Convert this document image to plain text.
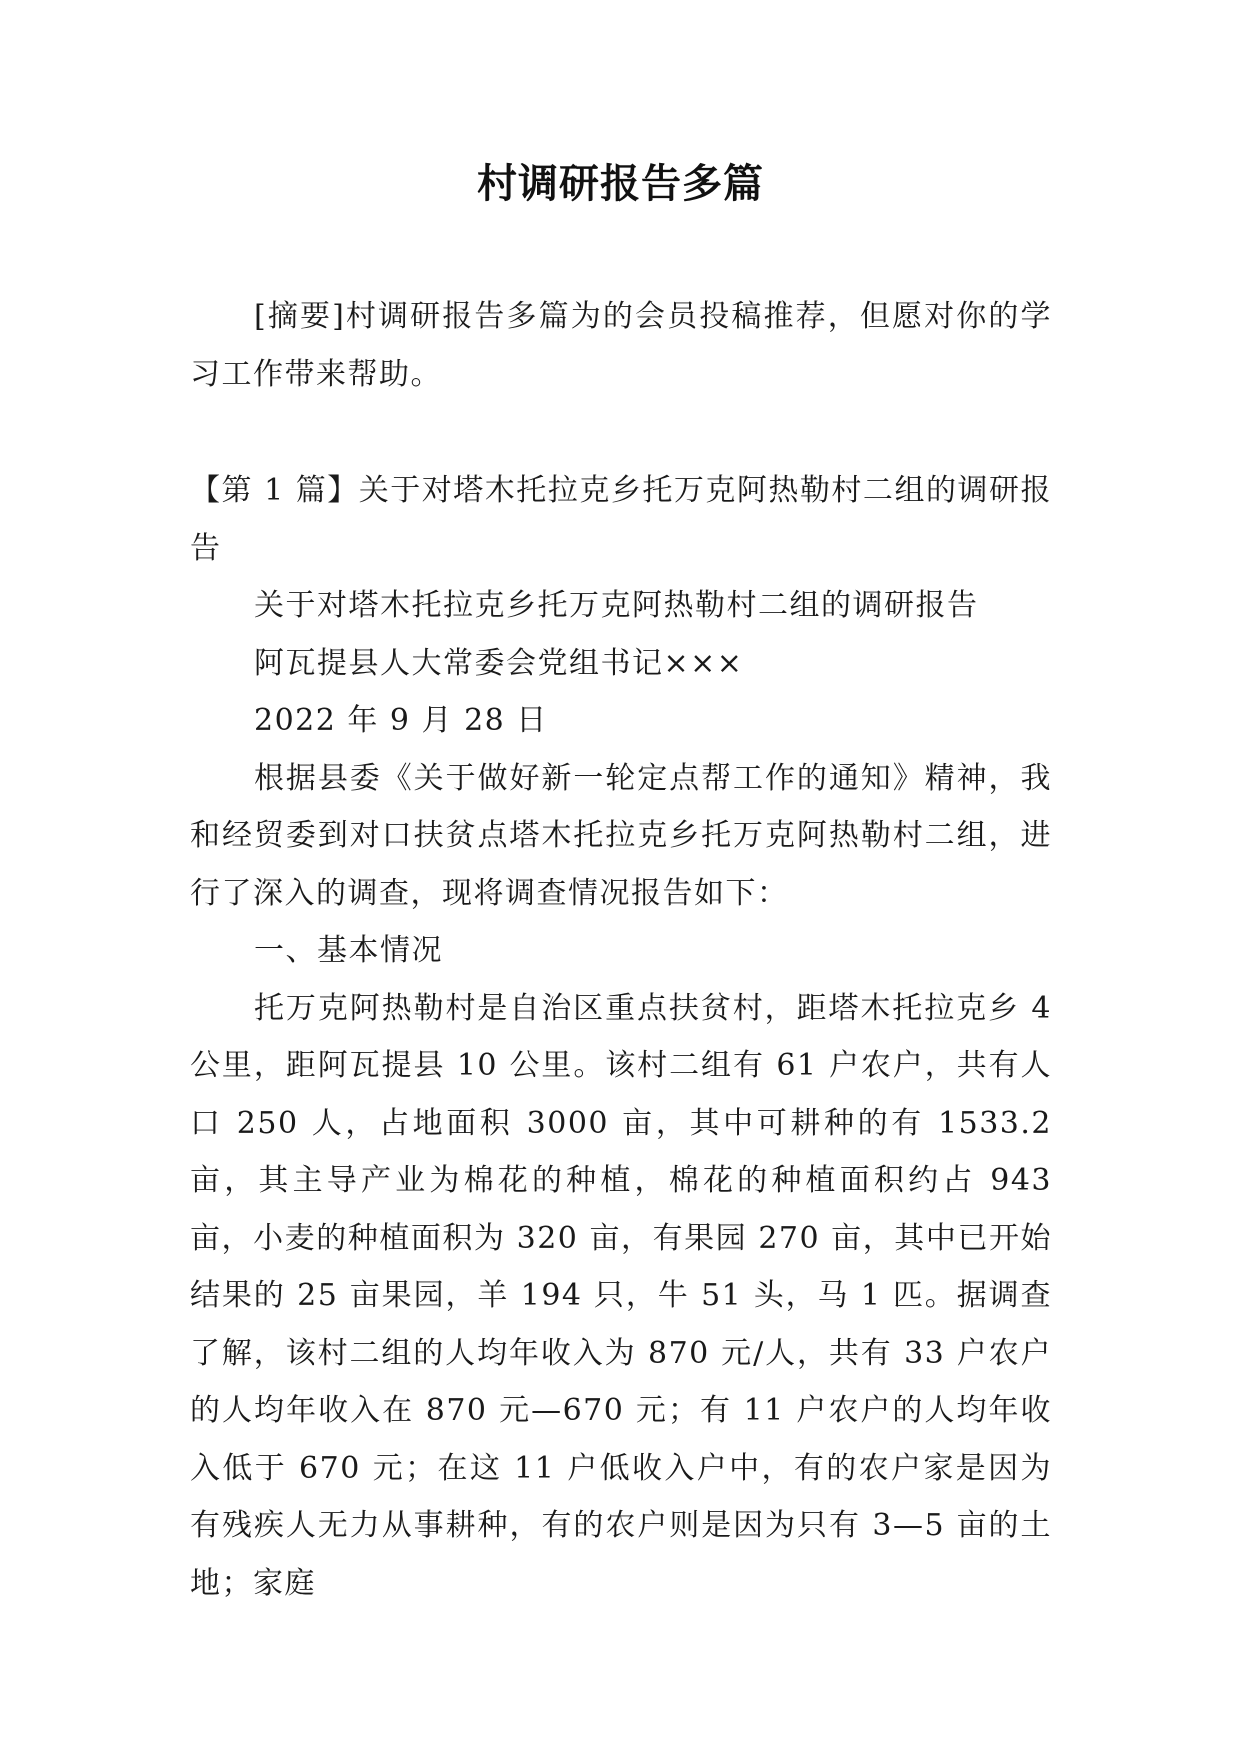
村调研报告多篇
[摘要]村调研报告多篇为的会员投稿推荐，但愿对你的学习工作带来帮助。

【第 1 篇】关于对塔木托拉克乡托万克阿热勒村二组的调研报告

关于对塔木托拉克乡托万克阿热勒村二组的调研报告

阿瓦提县人大常委会党组书记×××

2022 年 9 月 28 日

根据县委《关于做好新一轮定点帮工作的通知》精神，我和经贸委到对口扶贫点塔木托拉克乡托万克阿热勒村二组，进行了深入的调查，现将调查情况报告如下：

一、基本情况

托万克阿热勒村是自治区重点扶贫村，距塔木托拉克乡 4 公里，距阿瓦提县 10 公里。该村二组有 61 户农户，共有人口 250 人，占地面积 3000 亩，其中可耕种的有 1533.2 亩，其主导产业为棉花的种植，棉花的种植面积约占 943 亩，小麦的种植面积为 320 亩，有果园 270 亩，其中已开始结果的 25 亩果园，羊 194 只，牛 51 头，马 1 匹。据调查了解，该村二组的人均年收入为 870 元/人，共有 33 户农户的人均年收入在 870 元—670 元；有 11 户农户的人均年收入低于 670 元；在这 11 户低收入户中，有的农户家是因为有残疾人无力从事耕种，有的农户则是因为只有 3—5 亩的土地；家庭
